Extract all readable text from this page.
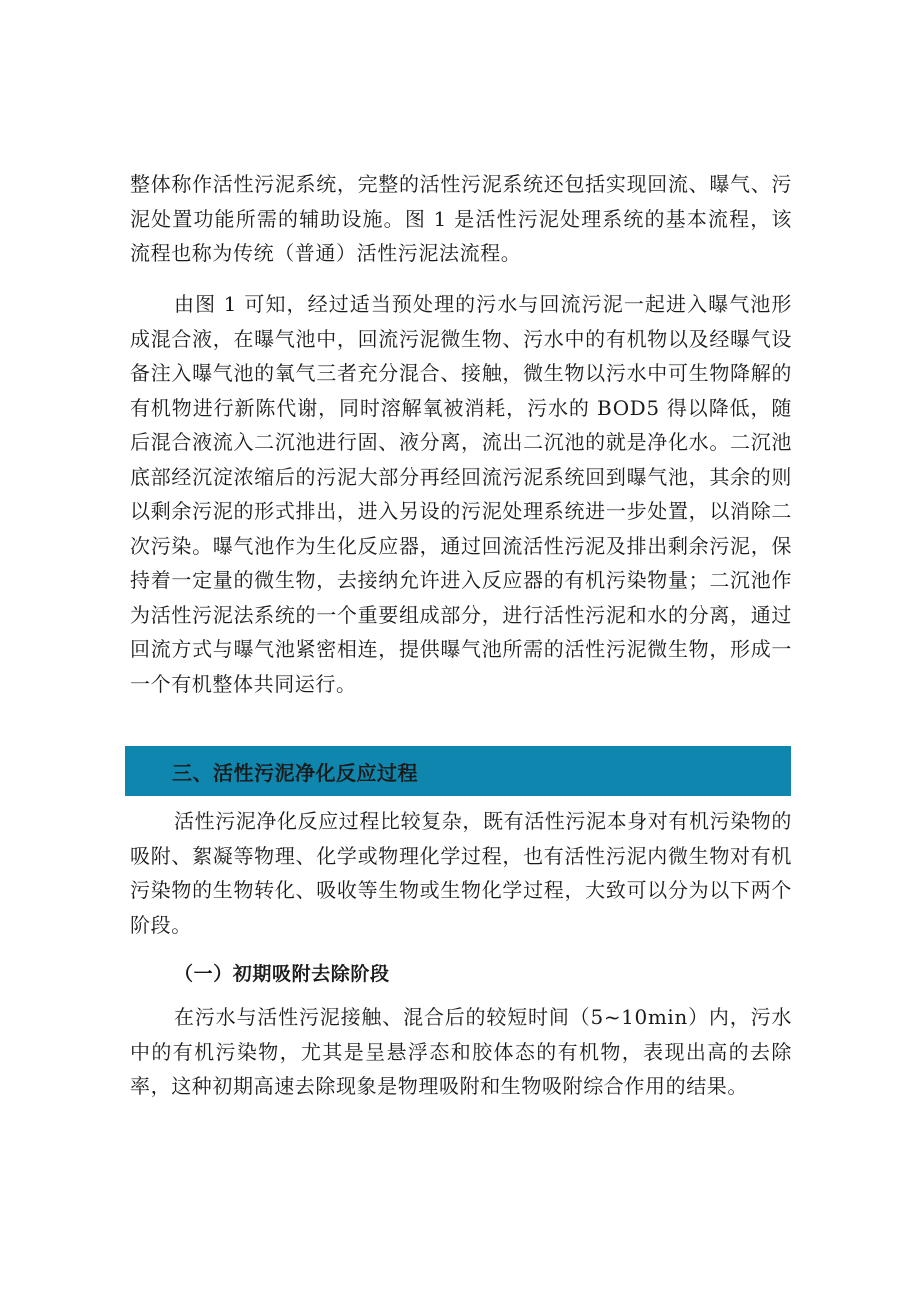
整体称作活性污泥系统，完整的活性污泥系统还包括实现回流、曝气、污泥处置功能所需的辅助设施。图 1 是活性污泥处理系统的基本流程，该流程也称为传统（普通）活性污泥法流程。

由图 1 可知，经过适当预处理的污水与回流污泥一起进入曝气池形成混合液，在曝气池中，回流污泥微生物、污水中的有机物以及经曝气设备注入曝气池的氧气三者充分混合、接触，微生物以污水中可生物降解的有机物进行新陈代谢，同时溶解氧被消耗，污水的 BOD5 得以降低，随后混合液流入二沉池进行固、液分离，流出二沉池的就是净化水。二沉池底部经沉淀浓缩后的污泥大部分再经回流污泥系统回到曝气池，其余的则以剩余污泥的形式排出，进入另设的污泥处理系统进一步处置，以消除二次污染。曝气池作为生化反应器，通过回流活性污泥及排出剩余污泥，保持着一定量的微生物，去接纳允许进入反应器的有机污染物量；二沉池作为活性污泥法系统的一个重要组成部分，进行活性污泥和水的分离，通过回流方式与曝气池紧密相连，提供曝气池所需的活性污泥微生物，形成一一个有机整体共同运行。

三、活性污泥净化反应过程

活性污泥净化反应过程比较复杂，既有活性污泥本身对有机污染物的吸附、絮凝等物理、化学或物理化学过程，也有活性污泥内微生物对有机污染物的生物转化、吸收等生物或生物化学过程，大致可以分为以下两个阶段。

（一）初期吸附去除阶段

在污水与活性污泥接触、混合后的较短时间（5~10min）内，污水中的有机污染物，尤其是呈悬浮态和胶体态的有机物，表现出高的去除率，这种初期高速去除现象是物理吸附和生物吸附综合作用的结果。
